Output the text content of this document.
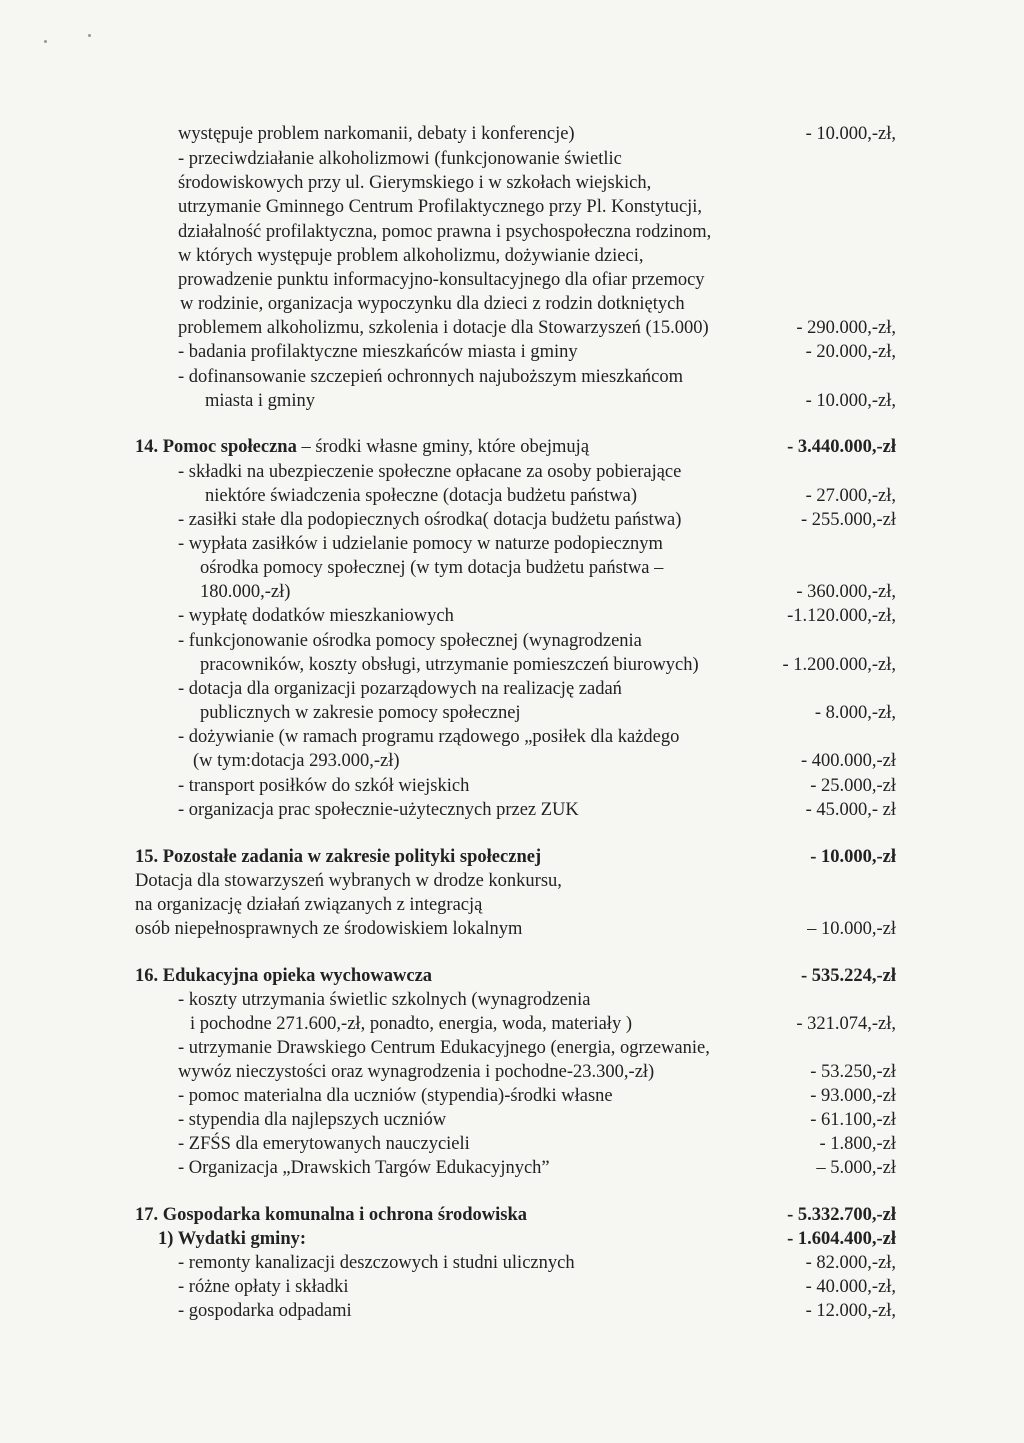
występuje problem narkomanii, debaty i konferencje)	- 10.000,-zł,
- przeciwdziałanie alkoholizmowi (funkcjonowanie świetlic
środowiskowych przy ul. Gierymskiego i w szkołach wiejskich,
utrzymanie Gminnego Centrum Profilaktycznego przy Pl. Konstytucji,
działalność profilaktyczna, pomoc prawna i psychospołeczna rodzinom,
w których występuje problem alkoholizmu, dożywianie dzieci,
prowadzenie punktu informacyjno-konsultacyjnego dla ofiar przemocy
w rodzinie, organizacja wypoczynku dla dzieci z rodzin dotkniętych
problemem alkoholizmu, szkolenia i dotacje dla Stowarzyszeń (15.000)	- 290.000,-zł,
- badania profilaktyczne mieszkańców miasta i gminy	- 20.000,-zł,
- dofinansowanie szczepień ochronnych najuboższym mieszkańcom
miasta i gminy	- 10.000,-zł,
14. Pomoc społeczna – środki własne gminy, które obejmują	- 3.440.000,-zł
- składki na ubezpieczenie społeczne opłacane za osoby pobierające
niektóre świadczenia społeczne (dotacja budżetu państwa)	- 27.000,-zł,
- zasiłki stałe dla podopiecznych ośrodka( dotacja budżetu państwa)	- 255.000,-zł
- wypłata zasiłków i udzielanie pomocy w naturze podopiecznym
ośrodka pomocy społecznej (w tym dotacja budżetu państwa –
180.000,-zł)	- 360.000,-zł,
- wypłatę dodatków mieszkaniowych	-1.120.000,-zł,
- funkcjonowanie ośrodka pomocy społecznej (wynagrodzenia
pracowników, koszty obsługi, utrzymanie pomieszczeń biurowych)	- 1.200.000,-zł,
- dotacja dla organizacji pozarządowych na realizację zadań
publicznych w zakresie pomocy społecznej	- 8.000,-zł,
- dożywianie (w ramach programu rządowego „posiłek dla każdego
(w tym:dotacja 293.000,-zł)	- 400.000,-zł
- transport posiłków do szkół wiejskich	- 25.000,-zł
- organizacja prac społecznie-użytecznych przez ZUK	- 45.000,- zł
15. Pozostałe zadania w zakresie polityki społecznej	- 10.000,-zł
Dotacja dla stowarzyszeń wybranych w drodze konkursu,
na organizację działań związanych z integracją
osób niepełnosprawnych ze środowiskiem lokalnym	– 10.000,-zł
16. Edukacyjna opieka wychowawcza	- 535.224,-zł
- koszty utrzymania świetlic szkolnych (wynagrodzenia
i pochodne 271.600,-zł, ponadto, energia, woda, materiały )	- 321.074,-zł,
- utrzymanie Drawskiego Centrum Edukacyjnego (energia, ogrzewanie,
wywóz nieczystości oraz wynagrodzenia i pochodne-23.300,-zł)	- 53.250,-zł
- pomoc materialna dla uczniów (stypendia)-środki własne	- 93.000,-zł
- stypendia dla najlepszych uczniów	- 61.100,-zł
- ZFŚS dla emerytowanych nauczycieli	- 1.800,-zł
- Organizacja „Drawskich Targów Edukacyjnych”	– 5.000,-zł
17. Gospodarka komunalna i ochrona środowiska	- 5.332.700,-zł
1) Wydatki gminy:	- 1.604.400,-zł
- remonty kanalizacji deszczowych i studni ulicznych	- 82.000,-zł,
- różne opłaty i składki	- 40.000,-zł,
- gospodarka odpadami	- 12.000,-zł,
